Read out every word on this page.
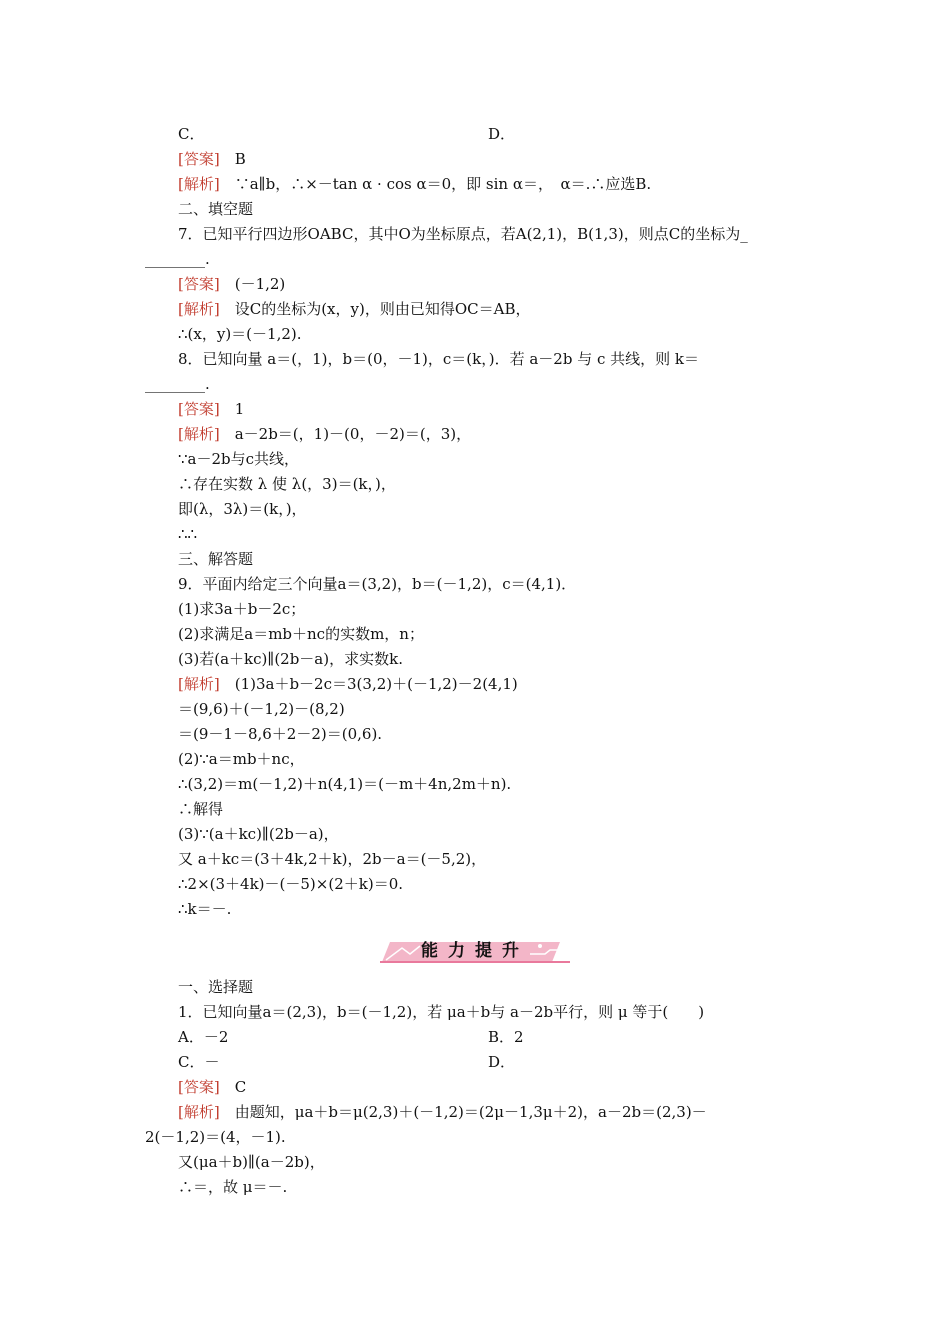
C．	D．
[答案]　B
[解析]　∵a∥b，∴×－tan α · cos α＝0，即 sin α＝，　α＝.∴应选B.
二、填空题
7．已知平行四边形OABC，其中O为坐标原点，若A(2,1)，B(1,3)，则点C的坐标为_
________.
[答案]　(－1,2)
[解析]　设C的坐标为(x，y)，则由已知得OC＝AB，
∴(x，y)＝(－1,2).
8．已知向量 a＝(，1)，b＝(0，－1)，c＝(k，)．若 a－2b 与 c 共线，则 k＝
________.
[答案]　1
[解析]　a－2b＝(，1)－(0，－2)＝(，3)，
∵a－2b与c共线，
∴存在实数 λ 使 λ(，3)＝(k，)，
即(λ，3λ)＝(k，)，
∴∴
三、解答题
9．平面内给定三个向量a＝(3,2)，b＝(－1,2)，c＝(4,1)．
(1)求3a＋b－2c；
(2)求满足a＝mb＋nc的实数m，n；
(3)若(a＋kc)∥(2b－a)，求实数k.
[解析]　(1)3a＋b－2c＝3(3,2)＋(－1,2)－2(4,1)
＝(9,6)＋(－1,2)－(8,2)
＝(9－1－8,6＋2－2)＝(0,6).
(2)∵a＝mb＋nc，
∴(3,2)＝m(－1,2)＋n(4,1)＝(－m＋4n,2m＋n).
∴解得
(3)∵(a＋kc)∥(2b－a)，
又 a＋kc＝(3＋4k,2＋k)，2b－a＝(－5,2)，
∴2×(3＋4k)－(－5)×(2＋k)＝0.
∴k＝－.
能力提升
一、选择题
1．已知向量a＝(2,3)，b＝(－1,2)，若 μa＋b与 a－2b平行，则 μ 等于(　　)
A．－2	B．2
C．－	D．
[答案]　C
[解析]　由题知，μa＋b＝μ(2,3)＋(－1,2)＝(2μ－1,3μ＋2)，a－2b＝(2,3)－
2(－1,2)＝(4，－1).
又(μa＋b)∥(a－2b)，
∴＝，故 μ＝－.
